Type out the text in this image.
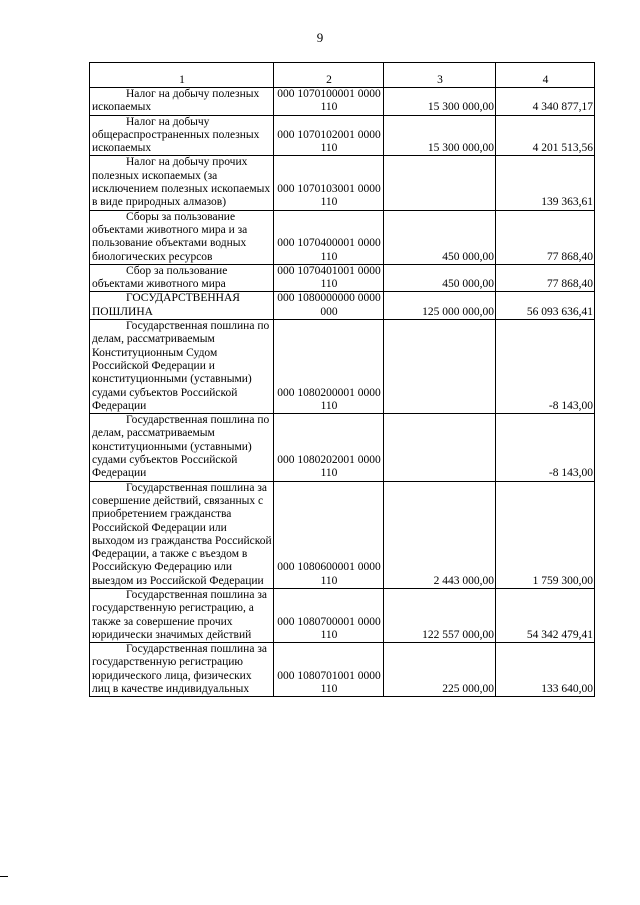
9
1	2	3	4
Налог на добычу полезных ископаемых	000 1070100001 0000 110	15 300 000,00	4 340 877,17
Налог на добычу общераспространенных полезных ископаемых	000 1070102001 0000 110	15 300 000,00	4 201 513,56
Налог на добычу прочих полезных ископаемых (за исключением полезных ископаемых в виде природных алмазов)	000 1070103001 0000 110		139 363,61
Сборы за пользование объектами животного мира и за пользование объектами водных биологических ресурсов	000 1070400001 0000 110	450 000,00	77 868,40
Сбор за пользование объектами животного мира	000 1070401001 0000 110	450 000,00	77 868,40
ГОСУДАРСТВЕННАЯ ПОШЛИНА	000 1080000000 0000 000	125 000 000,00	56 093 636,41
Государственная пошлина по делам, рассматриваемым Конституционным Судом Российской Федерации и конституционными (уставными) судами субъектов Российской Федерации	000 1080200001 0000 110		-8 143,00
Государственная пошлина по делам, рассматриваемым конституционными (уставными) судами субъектов Российской Федерации	000 1080202001 0000 110		-8 143,00
Государственная пошлина за совершение действий, связанных с приобретением гражданства Российской Федерации или выходом из гражданства Российской Федерации, а также с въездом в Российскую Федерацию или выездом из Российской Федерации	000 1080600001 0000 110	2 443 000,00	1 759 300,00
Государственная пошлина за государственную регистрацию, а также за совершение прочих юридически значимых действий	000 1080700001 0000 110	122 557 000,00	54 342 479,41
Государственная пошлина за государственную регистрацию юридического лица, физических лиц в качестве индивидуальных	000 1080701001 0000 110	225 000,00	133 640,00
